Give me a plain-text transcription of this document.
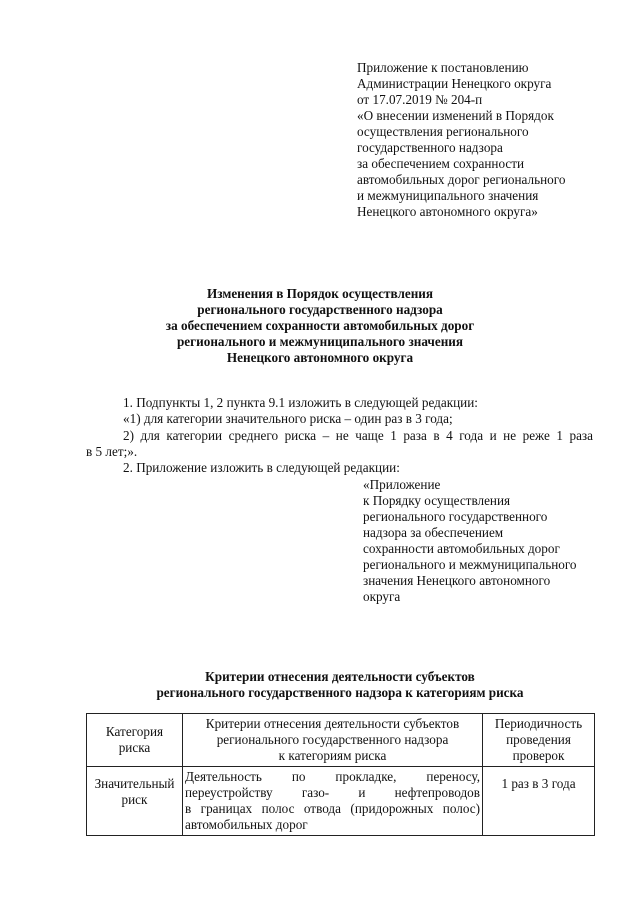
Приложение к постановлению
Администрации Ненецкого округа
от 17.07.2019 № 204-п
«О внесении изменений в Порядок
осуществления регионального
государственного надзора
за обеспечением сохранности
автомобильных дорог регионального
и межмуниципального значения
Ненецкого автономного округа»
Изменения в Порядок осуществления
регионального государственного надзора
за обеспечением сохранности автомобильных дорог
регионального и межмуниципального значения
Ненецкого автономного округа
1. Подпункты 1, 2 пункта 9.1 изложить в следующей редакции:
«1) для категории значительного риска – один раз в 3 года;
2) для категории среднего риска – не чаще 1 раза в 4 года и не реже 1 раза
в 5 лет;».
2. Приложение изложить в следующей редакции:
«Приложение
к Порядку осуществления
регионального государственного
надзора за обеспечением
сохранности автомобильных дорог
регионального и межмуниципального
значения Ненецкого автономного
округа
Критерии отнесения деятельности субъектов
регионального государственного надзора к категориям риска
Категория
риска	Критерии отнесения деятельности субъектов
регионального государственного надзора
к категориям риска	Периодичность
проведения
проверок

Значительный
риск	Деятельность по прокладке, переносу,
переустройству газо- и нефтепроводов
в границах полос отвода (придорожных полос)
автомобильных дорог	1 раз в 3 года
